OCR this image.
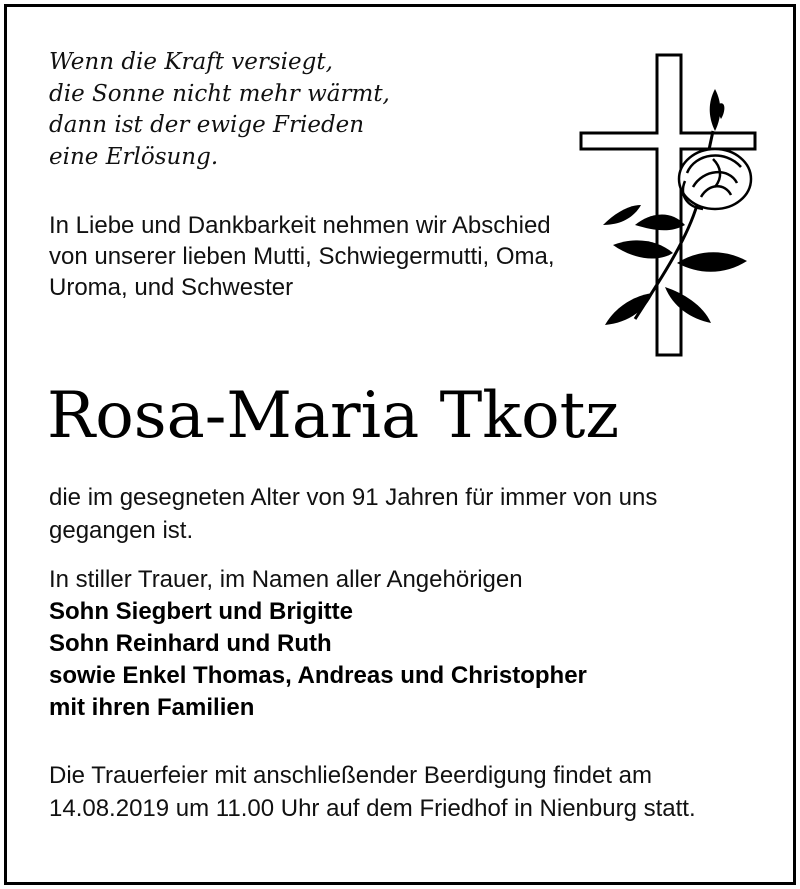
Wenn die Kraft versiegt,
die Sonne nicht mehr wärmt,
dann ist der ewige Frieden
eine Erlösung.
In Liebe und Dankbarkeit nehmen wir Abschied von unserer lieben Mutti, Schwiegermutti, Oma, Uroma, und Schwester
Rosa-Maria Tkotz
die im gesegneten Alter von 91 Jahren für immer von uns gegangen ist.
In stiller Trauer, im Namen aller Angehörigen
Sohn Siegbert und Brigitte
Sohn Reinhard und Ruth
sowie Enkel Thomas, Andreas und Christopher
mit ihren Familien
Die Trauerfeier mit anschließender Beerdigung findet am 14.08.2019 um 11.00 Uhr auf dem Friedhof in Nienburg statt.
